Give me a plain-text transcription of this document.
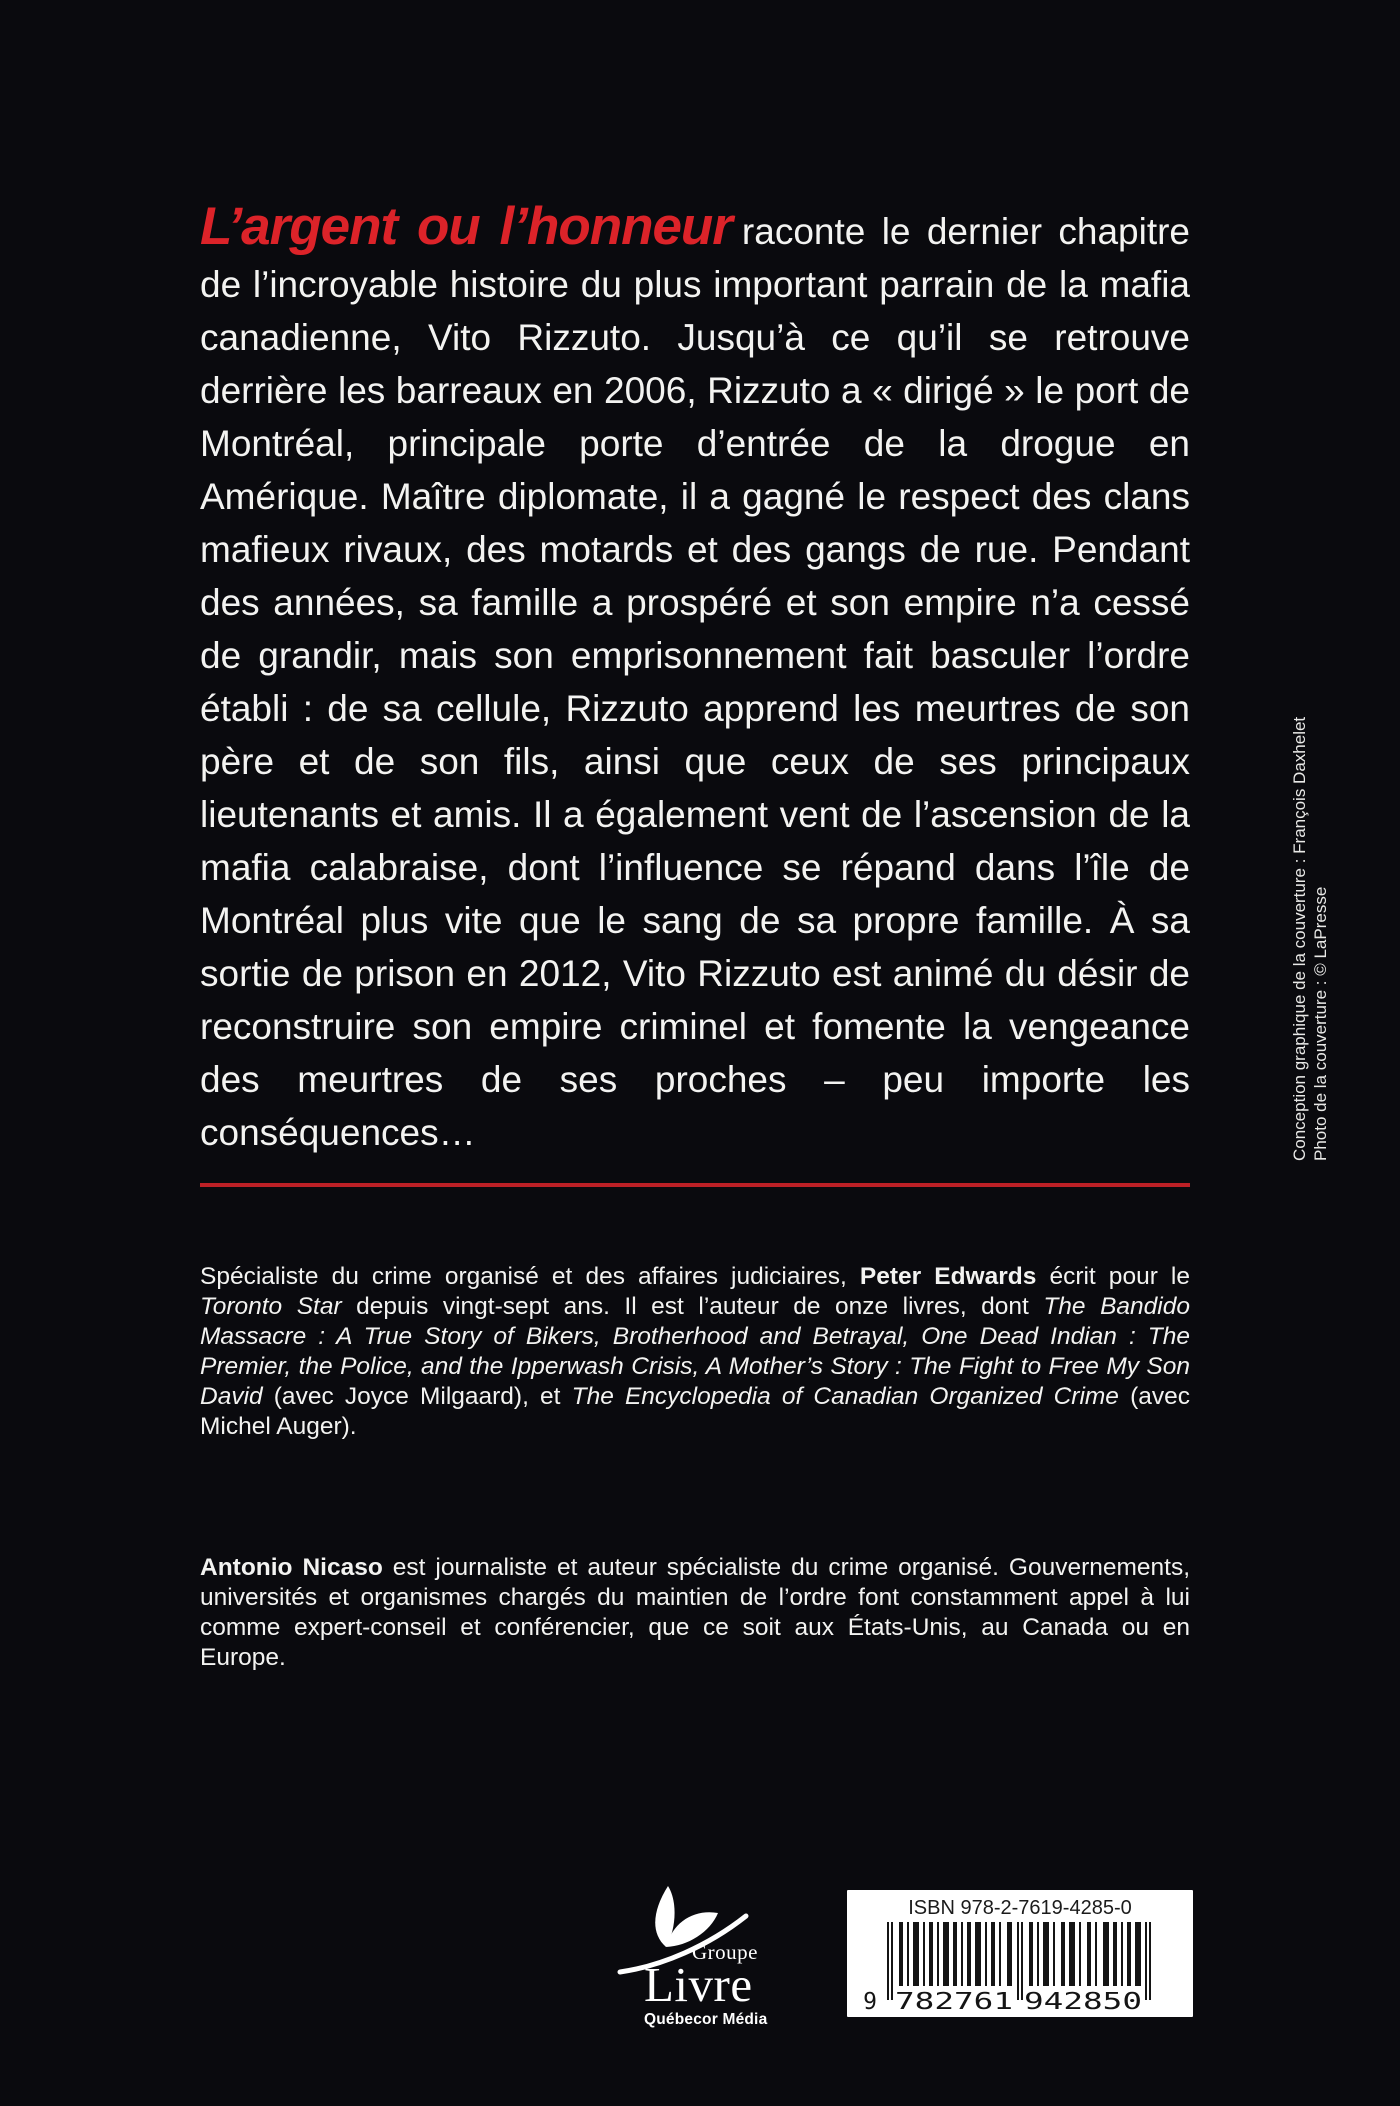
L’argent ou l’honneur raconte le dernier chapitre de l’incroyable histoire du plus important parrain de la mafia canadienne, Vito Rizzuto. Jusqu’à ce qu’il se retrouve derrière les barreaux en 2006, Rizzuto a « dirigé » le port de Montréal, principale porte d’entrée de la drogue en Amérique. Maître diplomate, il a gagné le respect des clans mafieux rivaux, des motards et des gangs de rue. Pendant des années, sa famille a prospéré et son empire n’a cessé de grandir, mais son emprisonnement fait basculer l’ordre établi : de sa cellule, Rizzuto apprend les meurtres de son père et de son fils, ainsi que ceux de ses principaux lieutenants et amis. Il a également vent de l’ascension de la mafia calabraise, dont l’influence se répand dans l’île de Montréal plus vite que le sang de sa propre famille. À sa sortie de prison en 2012, Vito Rizzuto est animé du désir de reconstruire son empire criminel et fomente la vengeance des meurtres de ses proches – peu importe les conséquences…

Spécialiste du crime organisé et des affaires judiciaires, Peter Edwards écrit pour le Toronto Star depuis vingt-sept ans. Il est l’auteur de onze livres, dont The Bandido Massacre : A True Story of Bikers, Brotherhood and Betrayal, One Dead Indian : The Premier, the Police, and the Ipperwash Crisis, A Mother’s Story : The Fight to Free My Son David (avec Joyce Milgaard), et The Encyclopedia of Canadian Organized Crime (avec Michel Auger).

Antonio Nicaso est journaliste et auteur spécialiste du crime organisé. Gouvernements, universités et organismes chargés du maintien de l’ordre font constamment appel à lui comme expert-conseil et conférencier, que ce soit aux États-Unis, au Canada ou en Europe.

Groupe
Livre
Québecor Média
ISBN 978-2-7619-4285-0
9 782761 942850
Conception graphique de la couverture : François Daxhelet Photo de la couverture : © LaPresse
